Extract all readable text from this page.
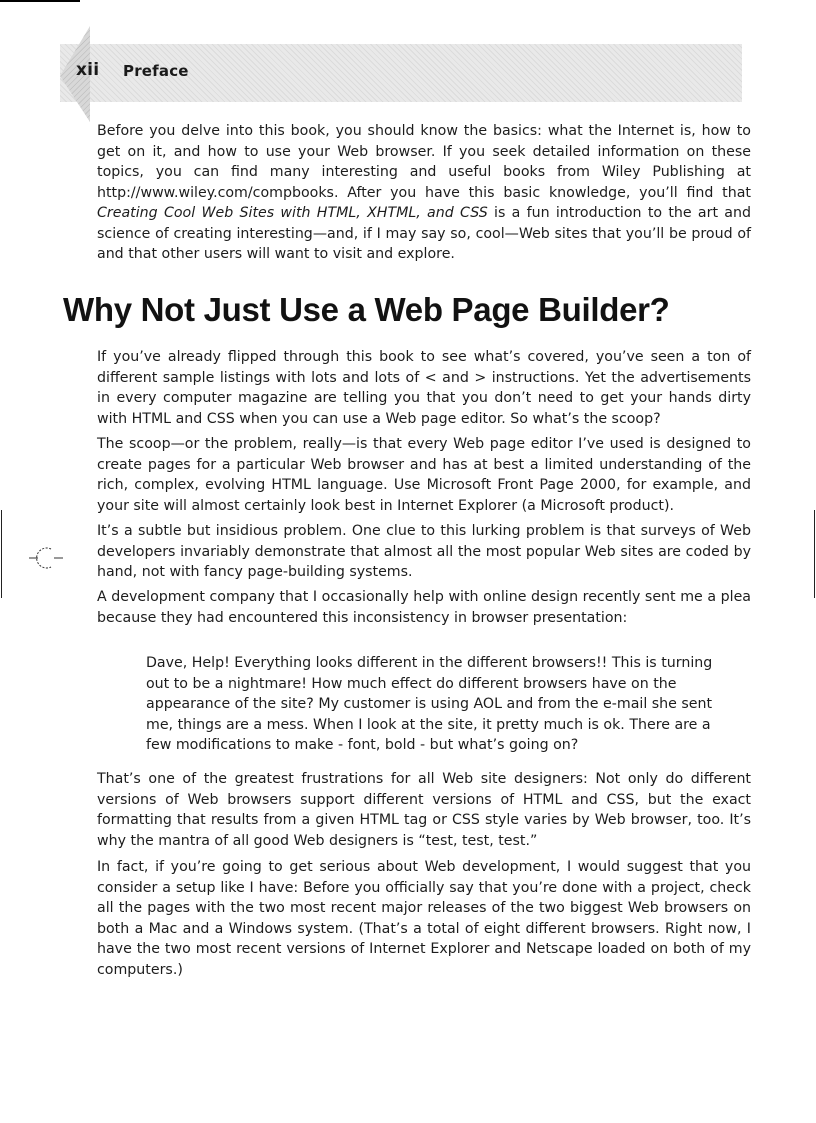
xii Preface

Before you delve into this book, you should know the basics: what the Internet is, how to get on it, and how to use your Web browser. If you seek detailed information on these topics, you can find many interesting and useful books from Wiley Publishing at http://www.wiley.com/compbooks. After you have this basic knowledge, you’ll find that Creating Cool Web Sites with HTML, XHTML, and CSS is a fun introduction to the art and science of creating interesting—and, if I may say so, cool—Web sites that you’ll be proud of and that other users will want to visit and explore.

Why Not Just Use a Web Page Builder?

If you’ve already flipped through this book to see what’s covered, you’ve seen a ton of different sample listings with lots and lots of < and > instructions. Yet the advertisements in every computer magazine are telling you that you don’t need to get your hands dirty with HTML and CSS when you can use a Web page editor. So what’s the scoop?

The scoop—or the problem, really—is that every Web page editor I’ve used is designed to create pages for a particular Web browser and has at best a limited understanding of the rich, complex, evolving HTML language. Use Microsoft Front Page 2000, for example, and your site will almost certainly look best in Internet Explorer (a Microsoft product).

It’s a subtle but insidious problem. One clue to this lurking problem is that surveys of Web developers invariably demonstrate that almost all the most popular Web sites are coded by hand, not with fancy page-building systems.

A development company that I occasionally help with online design recently sent me a plea because they had encountered this inconsistency in browser presentation:

Dave, Help! Everything looks different in the different browsers!! This is turning out to be a nightmare! How much effect do different browsers have on the appearance of the site? My customer is using AOL and from the e-mail she sent me, things are a mess. When I look at the site, it pretty much is ok. There are a few modifications to make - font, bold - but what’s going on?

That’s one of the greatest frustrations for all Web site designers: Not only do different versions of Web browsers support different versions of HTML and CSS, but the exact formatting that results from a given HTML tag or CSS style varies by Web browser, too. It’s why the mantra of all good Web designers is “test, test, test.”

In fact, if you’re going to get serious about Web development, I would suggest that you consider a setup like I have: Before you officially say that you’re done with a project, check all the pages with the two most recent major releases of the two biggest Web browsers on both a Mac and a Windows system. (That’s a total of eight different browsers. Right now, I have the two most recent versions of Internet Explorer and Netscape loaded on both of my computers.)
